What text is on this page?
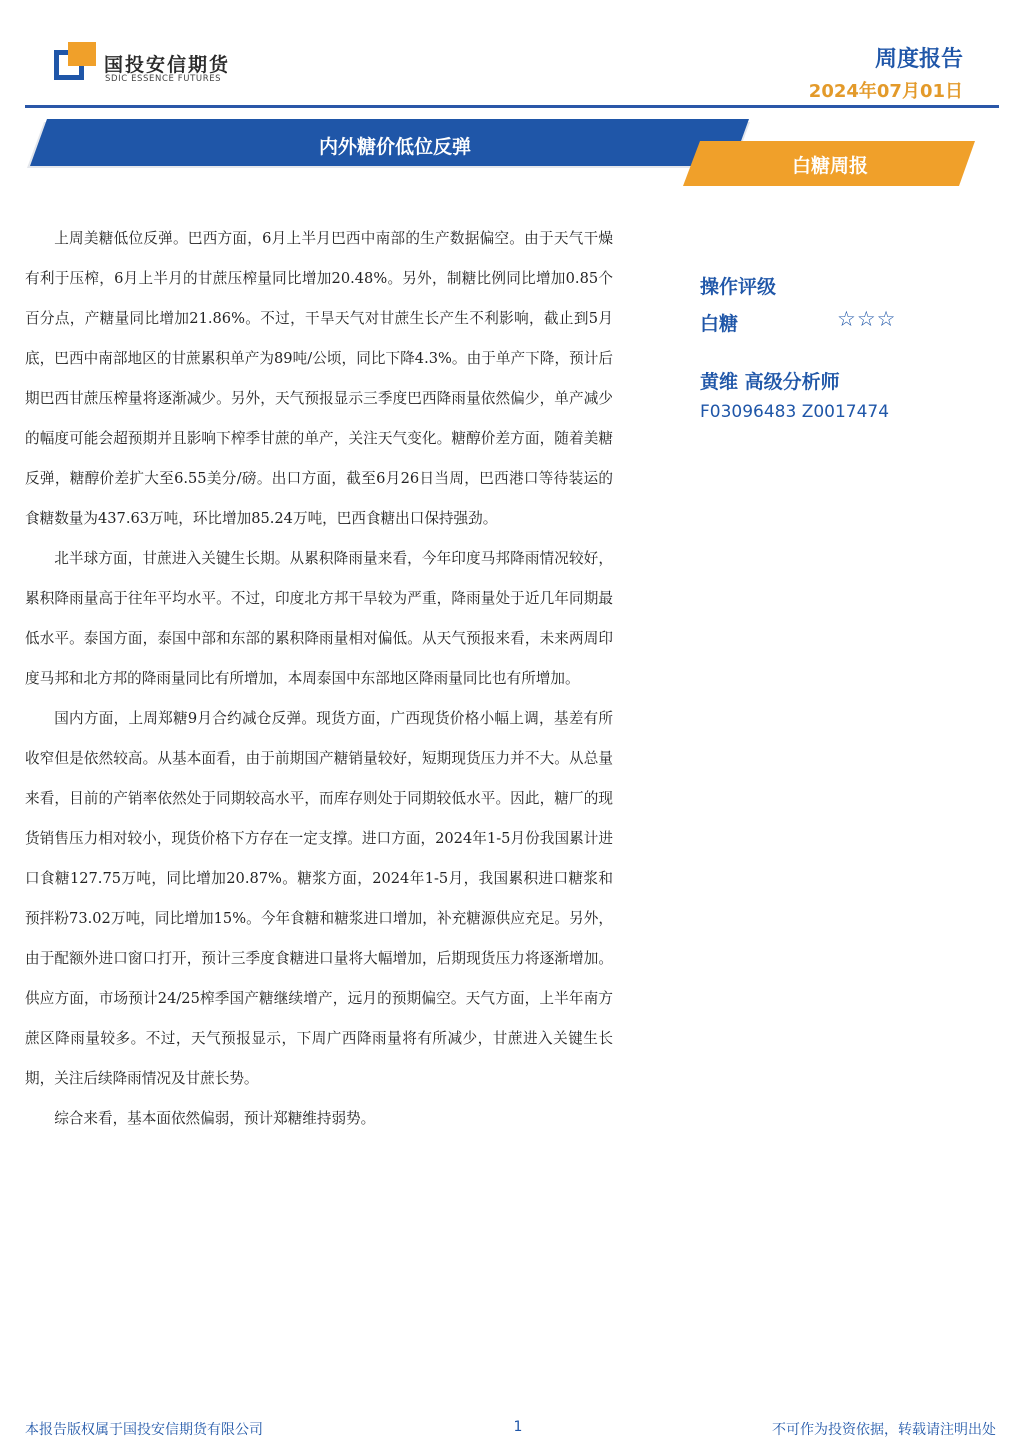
国投安信期货
SDIC ESSENCE FUTURES
周度报告
2024年07月01日
内外糖价低位反弹
白糖周报

上周美糖低位反弹。巴西方面，6月上半月巴西中南部的生产数据偏空。由于天气干燥有利于压榨，6月上半月的甘蔗压榨量同比增加20.48%。另外，制糖比例同比增加0.85个百分点，产糖量同比增加21.86%。不过，干旱天气对甘蔗生长产生不利影响，截止到5月底，巴西中南部地区的甘蔗累积单产为89吨/公顷，同比下降4.3%。由于单产下降，预计后期巴西甘蔗压榨量将逐渐减少。另外，天气预报显示三季度巴西降雨量依然偏少，单产减少的幅度可能会超预期并且影响下榨季甘蔗的单产，关注天气变化。糖醇价差方面，随着美糖反弹，糖醇价差扩大至6.55美分/磅。出口方面，截至6月26日当周，巴西港口等待装运的食糖数量为437.63万吨，环比增加85.24万吨，巴西食糖出口保持强劲。

北半球方面，甘蔗进入关键生长期。从累积降雨量来看，今年印度马邦降雨情况较好，累积降雨量高于往年平均水平。不过，印度北方邦干旱较为严重，降雨量处于近几年同期最低水平。泰国方面，泰国中部和东部的累积降雨量相对偏低。从天气预报来看，未来两周印度马邦和北方邦的降雨量同比有所增加，本周泰国中东部地区降雨量同比也有所增加。

国内方面，上周郑糖9月合约减仓反弹。现货方面，广西现货价格小幅上调，基差有所收窄但是依然较高。从基本面看，由于前期国产糖销量较好，短期现货压力并不大。从总量来看，目前的产销率依然处于同期较高水平，而库存则处于同期较低水平。因此，糖厂的现货销售压力相对较小，现货价格下方存在一定支撑。进口方面，2024年1-5月份我国累计进口食糖127.75万吨，同比增加20.87%。糖浆方面，2024年1-5月，我国累积进口糖浆和预拌粉73.02万吨，同比增加15%。今年食糖和糖浆进口增加，补充糖源供应充足。另外，由于配额外进口窗口打开，预计三季度食糖进口量将大幅增加，后期现货压力将逐渐增加。供应方面，市场预计24/25榨季国产糖继续增产，远月的预期偏空。天气方面，上半年南方蔗区降雨量较多。不过，天气预报显示，下周广西降雨量将有所减少，甘蔗进入关键生长期，关注后续降雨情况及甘蔗长势。

综合来看，基本面依然偏弱，预计郑糖维持弱势。

操作评级
白糖	☆☆☆
黄维 高级分析师
F03096483 Z0017474
本报告版权属于国投安信期货有限公司	1	不可作为投资依据，转载请注明出处
